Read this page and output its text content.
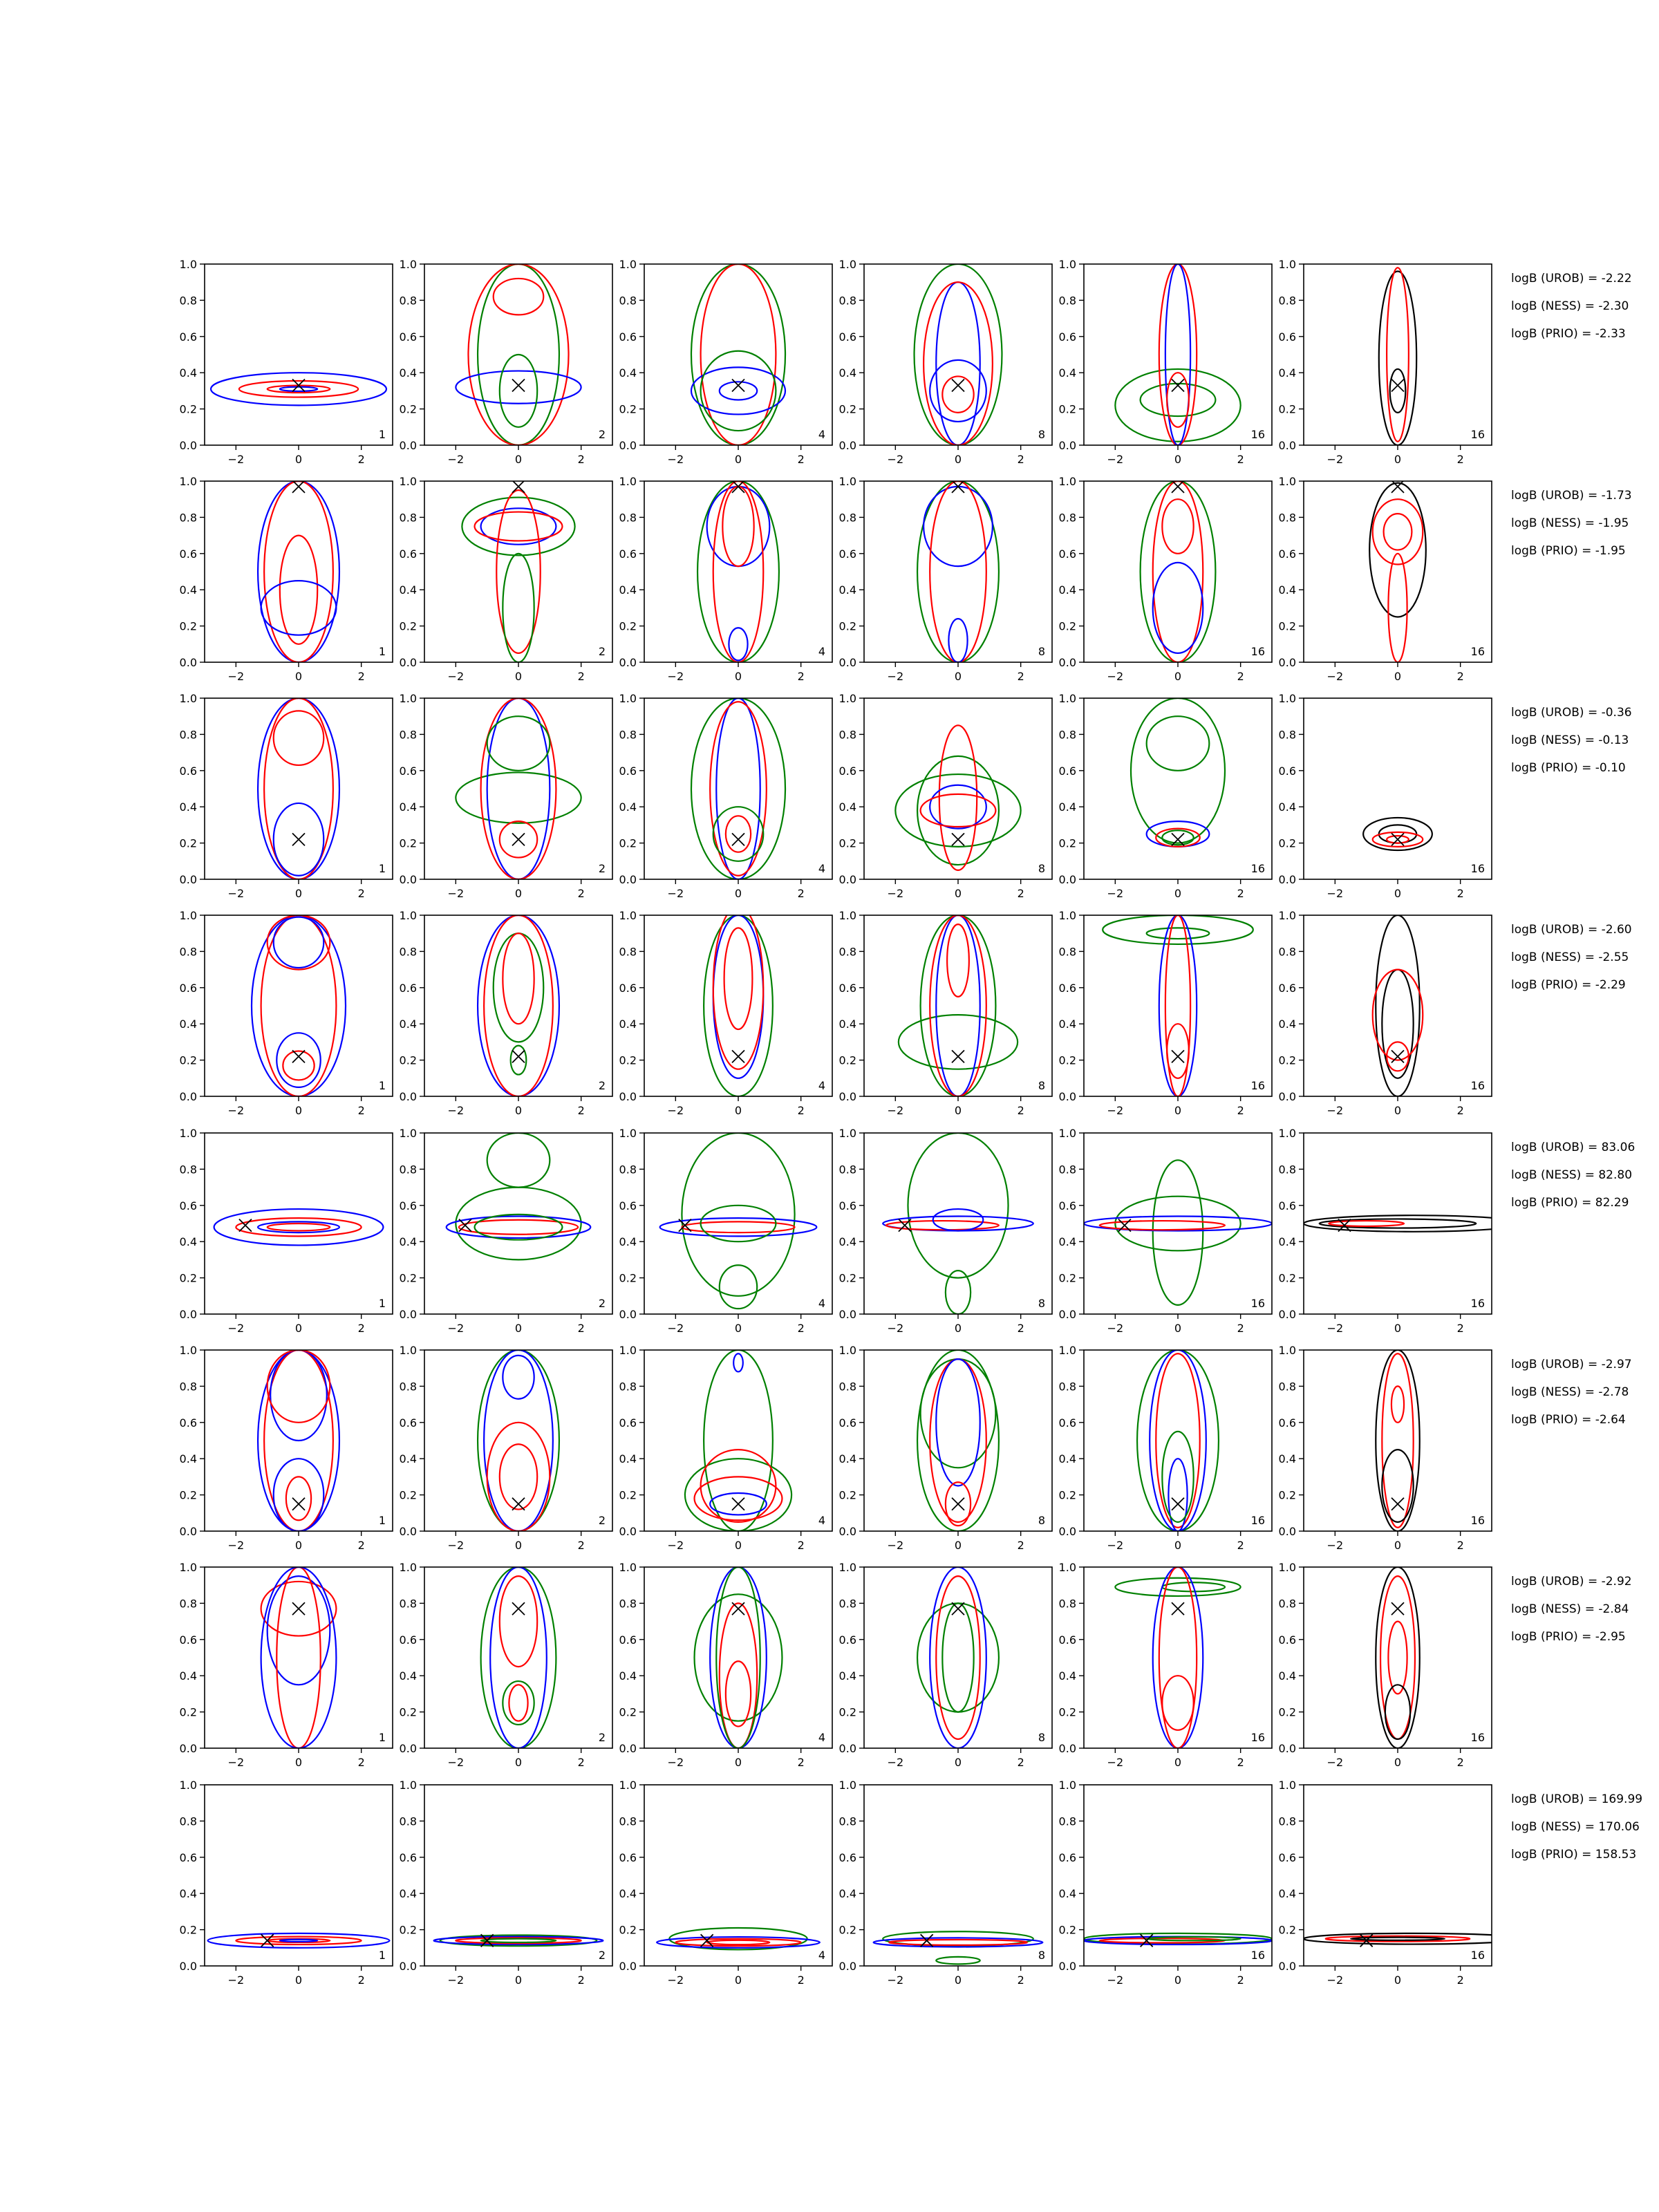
−2	0	2
0.0
0.2
0.4
0.6
0.8
1.0
1
−2	0	2
0.0
0.2
0.4
0.6
0.8
1.0
2
−2	0	2
0.0
0.2
0.4
0.6
0.8
1.0
4
−2	0	2
0.0
0.2
0.4
0.6
0.8
1.0
8
−2	0	2
0.0
0.2
0.4
0.6
0.8
1.0
16
−2	0	2
0.0
0.2
0.4
0.6
0.8
1.0
16
logB (UROB) = -2.22
logB (NESS) = -2.30
logB (PRIO) = -2.33
−2	0	2
0.0
0.2
0.4
0.6
0.8
1.0
1
−2	0	2
0.0
0.2
0.4
0.6
0.8
1.0
2
−2	0	2
0.0
0.2
0.4
0.6
0.8
1.0
4
−2	0	2
0.0
0.2
0.4
0.6
0.8
1.0
8
−2	0	2
0.0
0.2
0.4
0.6
0.8
1.0
16
−2	0	2
0.0
0.2
0.4
0.6
0.8
1.0
16
logB (UROB) = -1.73
logB (NESS) = -1.95
logB (PRIO) = -1.95
−2	0	2
0.0
0.2
0.4
0.6
0.8
1.0
1
−2	0	2
0.0
0.2
0.4
0.6
0.8
1.0
2
−2	0	2
0.0
0.2
0.4
0.6
0.8
1.0
4
−2	0	2
0.0
0.2
0.4
0.6
0.8
1.0
8
−2	0	2
0.0
0.2
0.4
0.6
0.8
1.0
16
−2	0	2
0.0
0.2
0.4
0.6
0.8
1.0
16
logB (UROB) = -0.36
logB (NESS) = -0.13
logB (PRIO) = -0.10
−2	0	2
0.0
0.2
0.4
0.6
0.8
1.0
1
−2	0	2
0.0
0.2
0.4
0.6
0.8
1.0
2
−2	0	2
0.0
0.2
0.4
0.6
0.8
1.0
4
−2	0	2
0.0
0.2
0.4
0.6
0.8
1.0
8
−2	0	2
0.0
0.2
0.4
0.6
0.8
1.0
16
−2	0	2
0.0
0.2
0.4
0.6
0.8
1.0
16
logB (UROB) = -2.60
logB (NESS) = -2.55
logB (PRIO) = -2.29
−2	0	2
0.0
0.2
0.4
0.6
0.8
1.0
1
−2	0	2
0.0
0.2
0.4
0.6
0.8
1.0
2
−2	0	2
0.0
0.2
0.4
0.6
0.8
1.0
4
−2	0	2
0.0
0.2
0.4
0.6
0.8
1.0
8
−2	0	2
0.0
0.2
0.4
0.6
0.8
1.0
16
−2	0	2
0.0
0.2
0.4
0.6
0.8
1.0
16
logB (UROB) = 83.06
logB (NESS) = 82.80
logB (PRIO) = 82.29
−2	0	2
0.0
0.2
0.4
0.6
0.8
1.0
1
−2	0	2
0.0
0.2
0.4
0.6
0.8
1.0
2
−2	0	2
0.0
0.2
0.4
0.6
0.8
1.0
4
−2	0	2
0.0
0.2
0.4
0.6
0.8
1.0
8
−2	0	2
0.0
0.2
0.4
0.6
0.8
1.0
16
−2	0	2
0.0
0.2
0.4
0.6
0.8
1.0
16
logB (UROB) = -2.97
logB (NESS) = -2.78
logB (PRIO) = -2.64
−2	0	2
0.0
0.2
0.4
0.6
0.8
1.0
1
−2	0	2
0.0
0.2
0.4
0.6
0.8
1.0
2
−2	0	2
0.0
0.2
0.4
0.6
0.8
1.0
4
−2	0	2
0.0
0.2
0.4
0.6
0.8
1.0
8
−2	0	2
0.0
0.2
0.4
0.6
0.8
1.0
16
−2	0	2
0.0
0.2
0.4
0.6
0.8
1.0
16
logB (UROB) = -2.92
logB (NESS) = -2.84
logB (PRIO) = -2.95
−2	0	2
0.0
0.2
0.4
0.6
0.8
1.0
1
−2	0	2
0.0
0.2
0.4
0.6
0.8
1.0
2
−2	0	2
0.0
0.2
0.4
0.6
0.8
1.0
4
−2	0	2
0.0
0.2
0.4
0.6
0.8
1.0
8
−2	0	2
0.0
0.2
0.4
0.6
0.8
1.0
16
−2	0	2
0.0
0.2
0.4
0.6
0.8
1.0
16
logB (UROB) = 169.99
logB (NESS) = 170.06
logB (PRIO) = 158.53
